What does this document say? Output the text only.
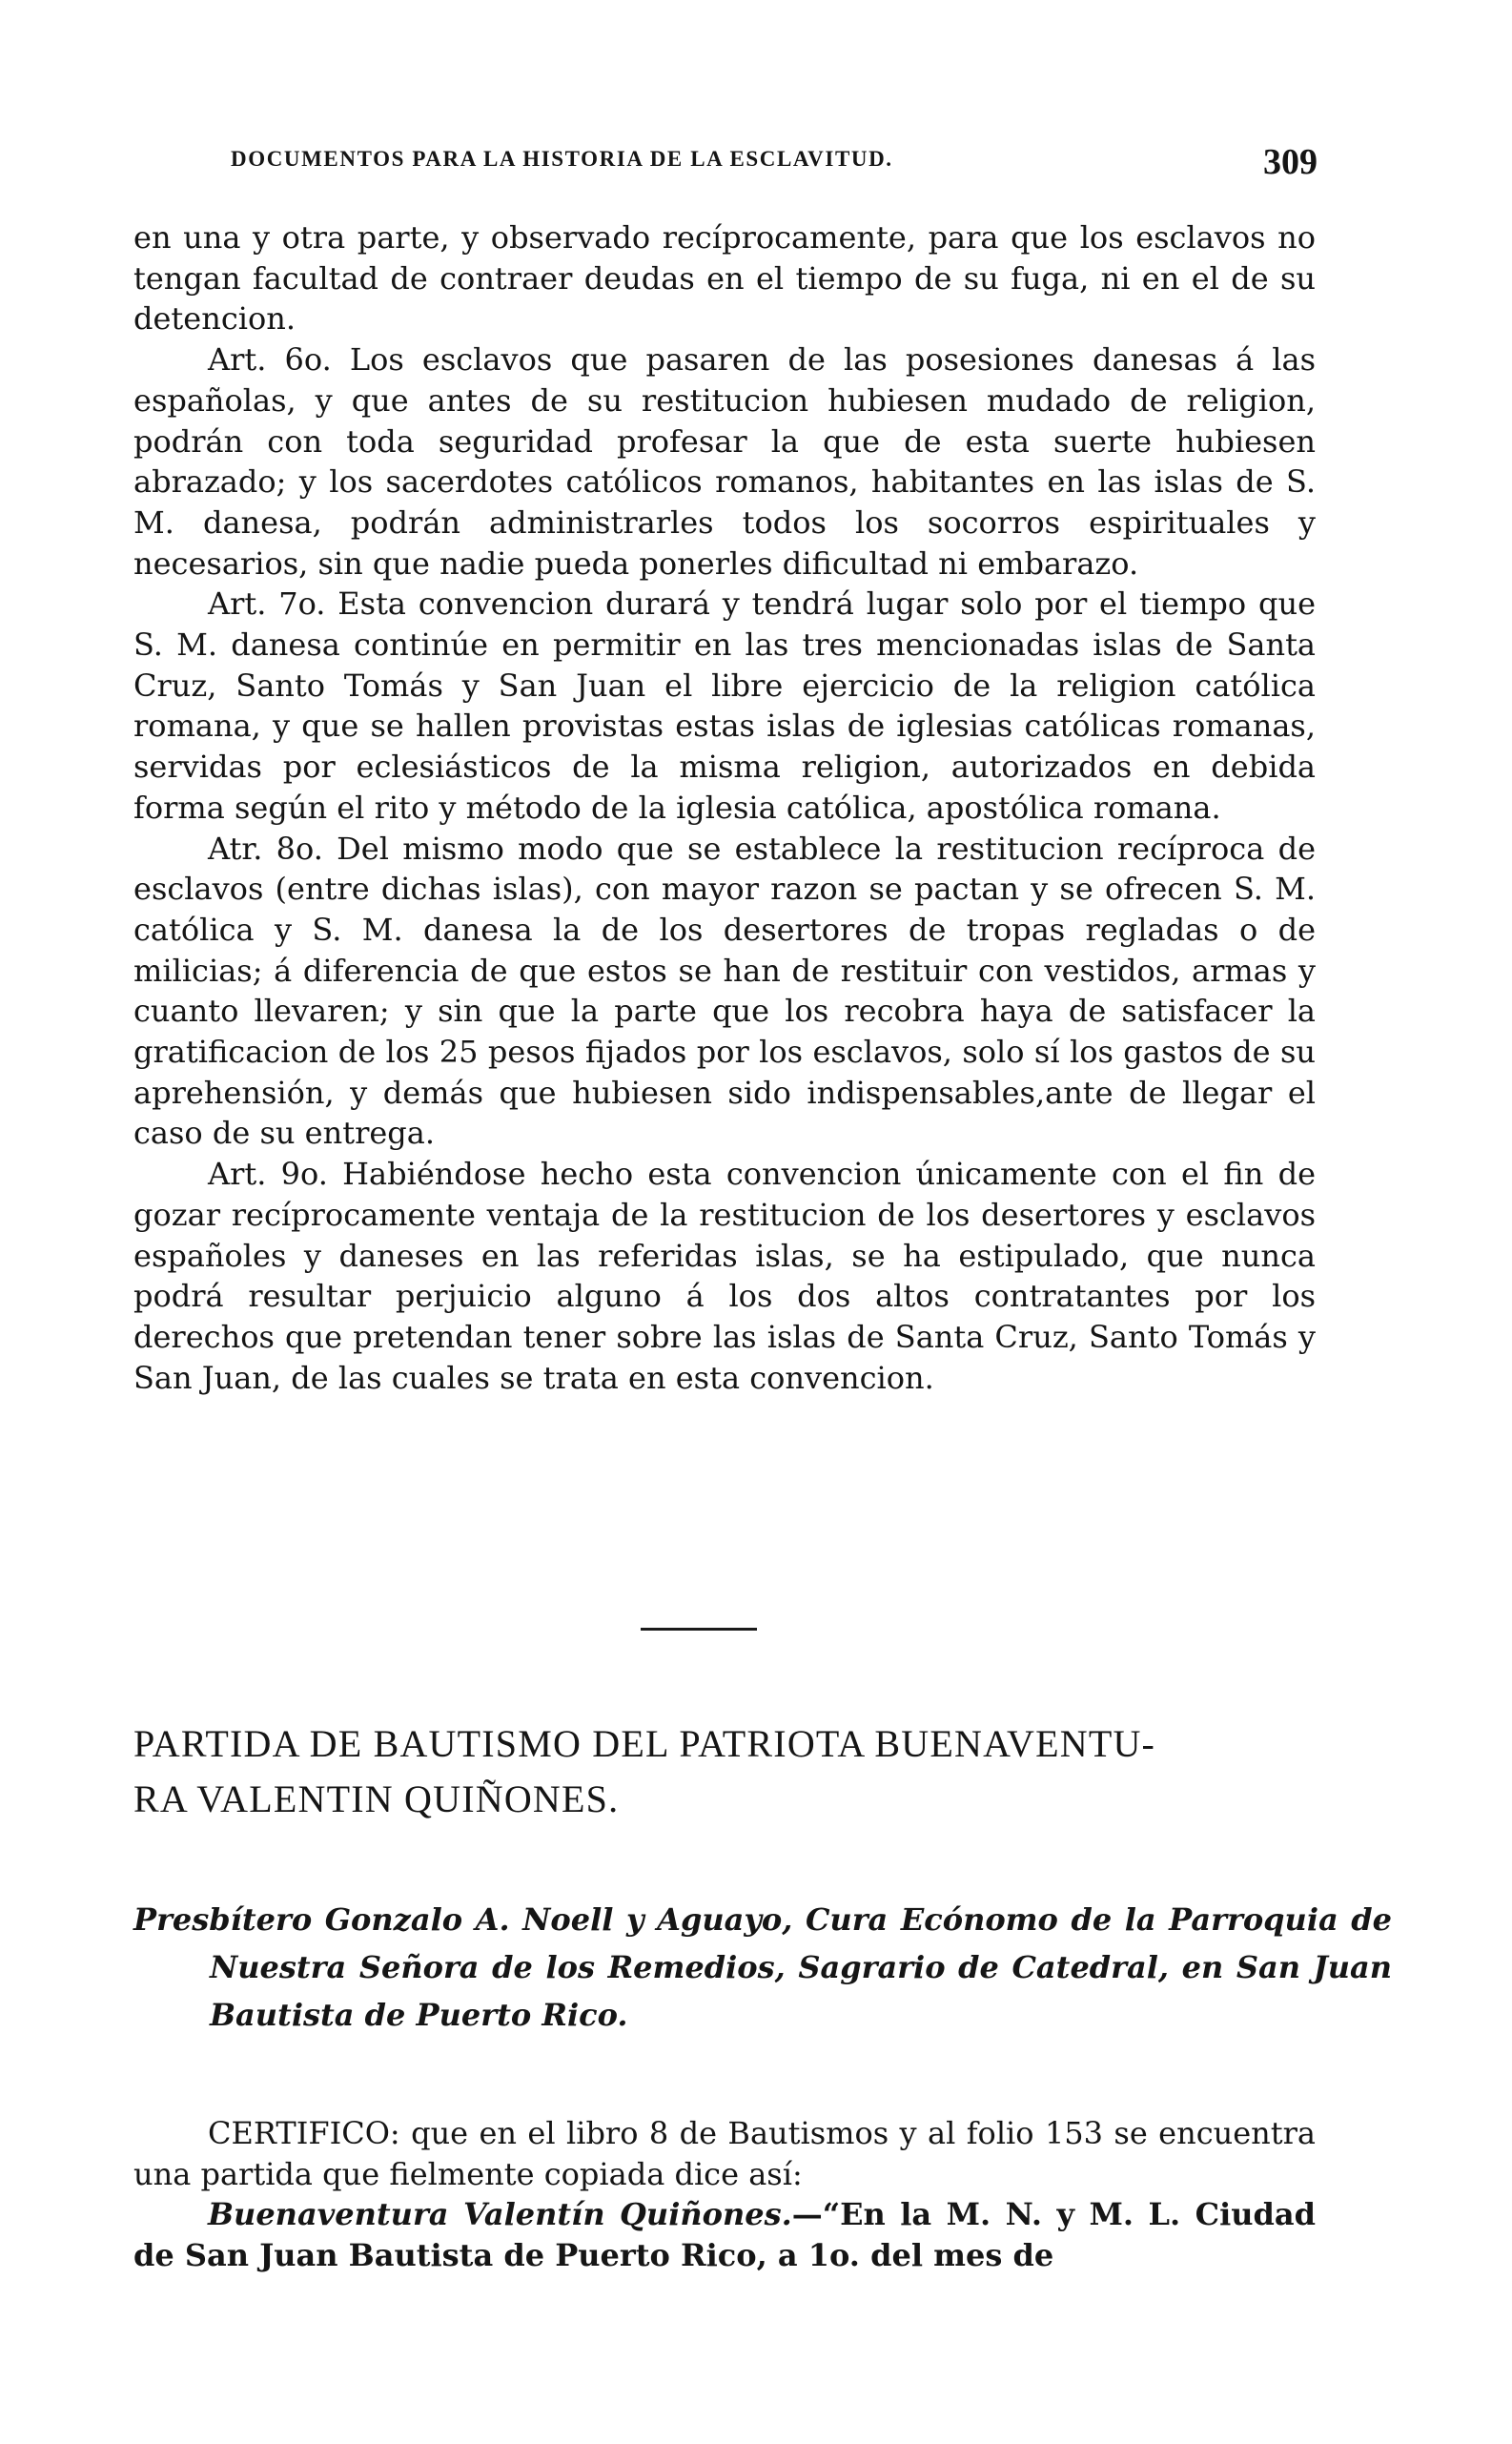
DOCUMENTOS PARA LA HISTORIA DE LA ESCLAVITUD.	309

en una y otra parte, y observado recíprocamente, para que los esclavos no tengan facultad de contraer deudas en el tiempo de su fuga, ni en el de su detencion.

Art. 6o. Los esclavos que pasaren de las posesiones danesas á las españolas, y que antes de su restitucion hubiesen mudado de religion, podrán con toda seguridad profesar la que de esta suerte hubiesen abrazado; y los sacerdotes católicos romanos, habitantes en las islas de S. M. danesa, podrán administrarles todos los socorros espirituales y necesarios, sin que nadie pueda ponerles dificultad ni embarazo.

Art. 7o. Esta convencion durará y tendrá lugar solo por el tiempo que S. M. danesa continúe en permitir en las tres mencionadas islas de Santa Cruz, Santo Tomás y San Juan el libre ejercicio de la religion católica romana, y que se hallen provistas estas islas de iglesias católicas romanas, servidas por eclesiásticos de la misma religion, autorizados en debida forma según el rito y método de la iglesia católica, apostólica romana.

Atr. 8o. Del mismo modo que se establece la restitucion recíproca de esclavos (entre dichas islas), con mayor razon se pactan y se ofrecen S. M. católica y S. M. danesa la de los desertores de tropas regladas o de milicias; á diferencia de que estos se han de restituir con vestidos, armas y cuanto llevaren; y sin que la parte que los recobra haya de satisfacer la gratificacion de los 25 pesos fijados por los esclavos, solo sí los gastos de su aprehensión, y demás que hubiesen sido indispensables,ante de llegar el caso de su entrega.

Art. 9o. Habiéndose hecho esta convencion únicamente con el fin de gozar recíprocamente ventaja de la restitucion de los desertores y esclavos españoles y daneses en las referidas islas, se ha estipulado, que nunca podrá resultar perjuicio alguno á los dos altos contratantes por los derechos que pretendan tener sobre las islas de Santa Cruz, Santo Tomás y San Juan, de las cuales se trata en esta convencion.

PARTIDA DE BAUTISMO DEL PATRIOTA BUENAVENTU-
RA VALENTIN QUIÑONES.
Presbítero Gonzalo A. Noell y Aguayo, Cura Ecónomo de la Parroquia de Nuestra Señora de los Remedios, Sagrario de Catedral, en San Juan Bautista de Puerto Rico.

CERTIFICO: que en el libro 8 de Bautismos y al folio 153 se encuentra una partida que fielmente copiada dice así:

Buenaventura Valentín Quiñones.—“En la M. N. y M. L. Ciudad de San Juan Bautista de Puerto Rico, a 1o. del mes de
